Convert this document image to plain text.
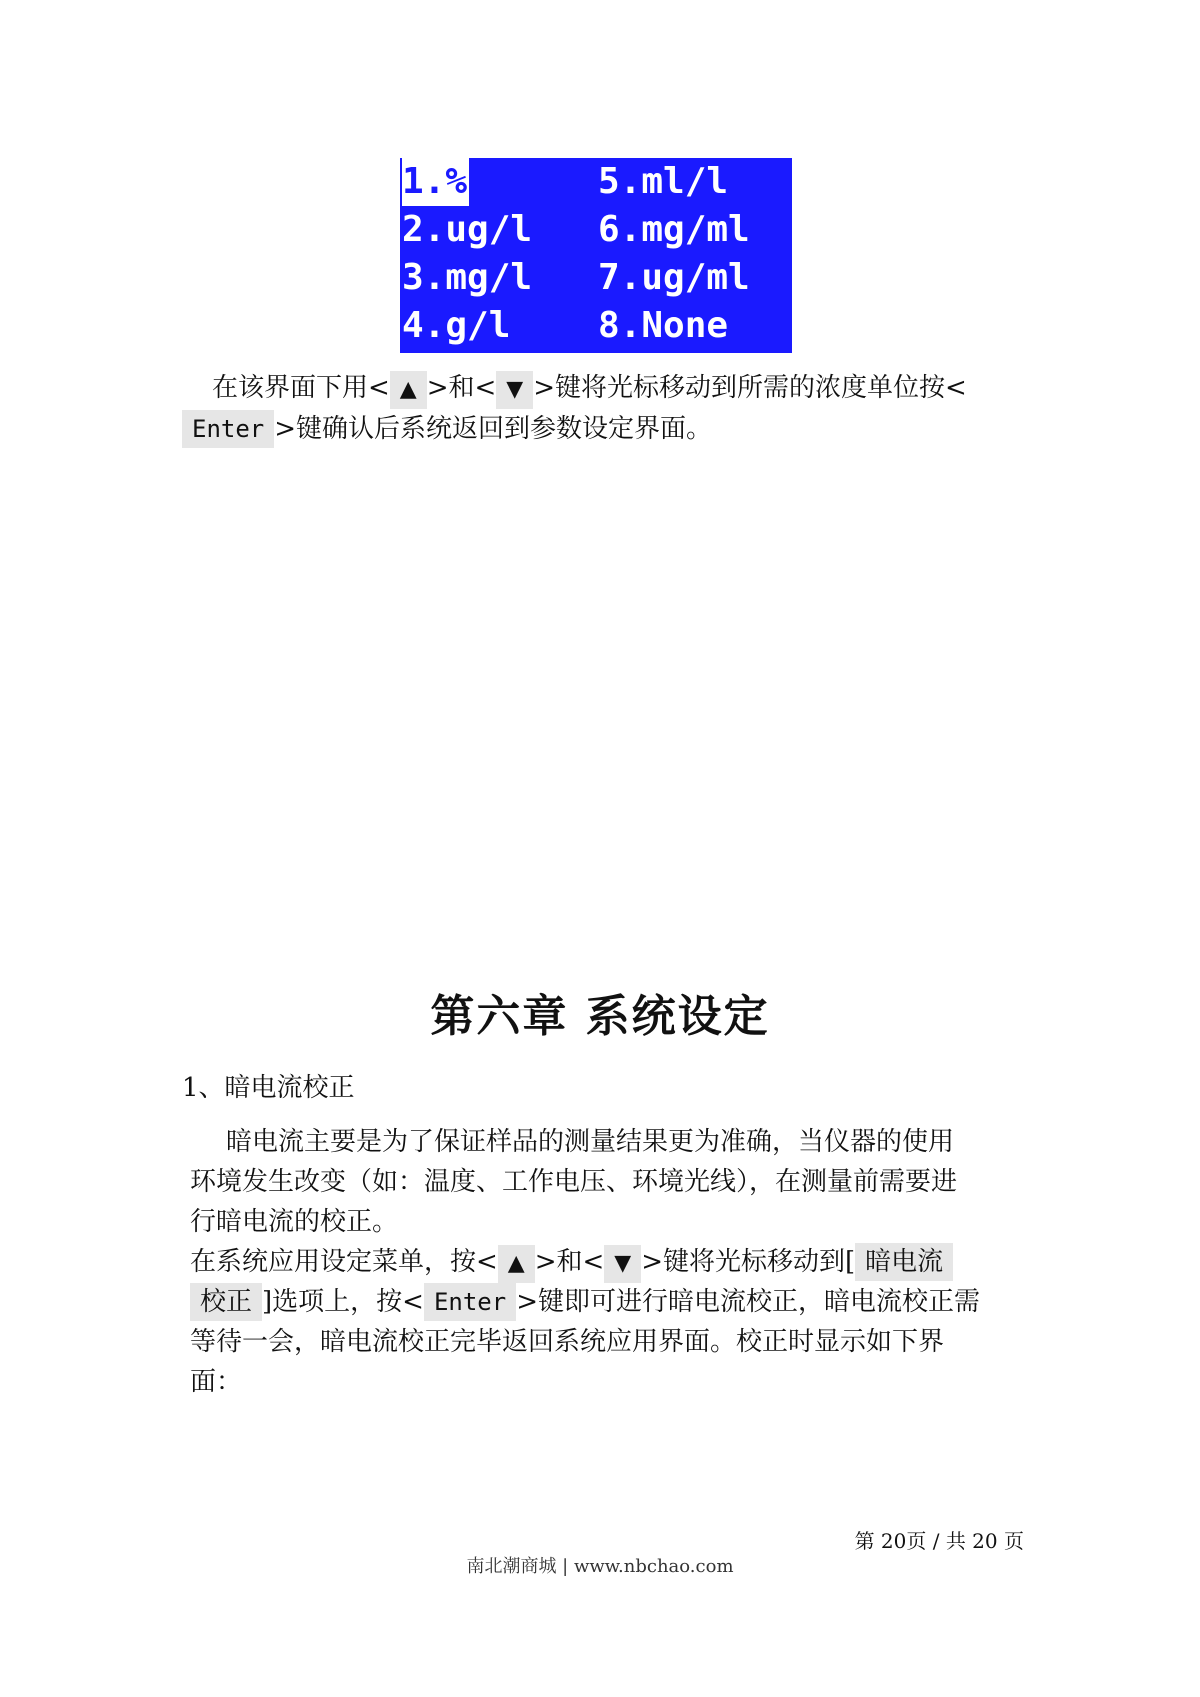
1.%
2.ug/l
3.mg/l
4.g/l
5.ml/l
6.mg/ml
7.ug/ml
8.None
在该界面下用< ▲ >和< ▼ >键将光标移动到所需的浓度单位按<
Enter >键确认后系统返回到参数设定界面。
第六章 系统设定
1、暗电流校正
暗电流主要是为了保证样品的测量结果更为准确，当仪器的使用
环境发生改变（如：温度、工作电压、环境光线），在测量前需要进
行暗电流的校正。
在系统应用设定菜单，按< ▲ >和< ▼ >键将光标移动到[ 暗电流
校正 ]选项上，按< Enter >键即可进行暗电流校正，暗电流校正需
等待一会，暗电流校正完毕返回系统应用界面。校正时显示如下界
面：
第 20页 / 共 20 页
南北潮商城 | www.nbchao.com
